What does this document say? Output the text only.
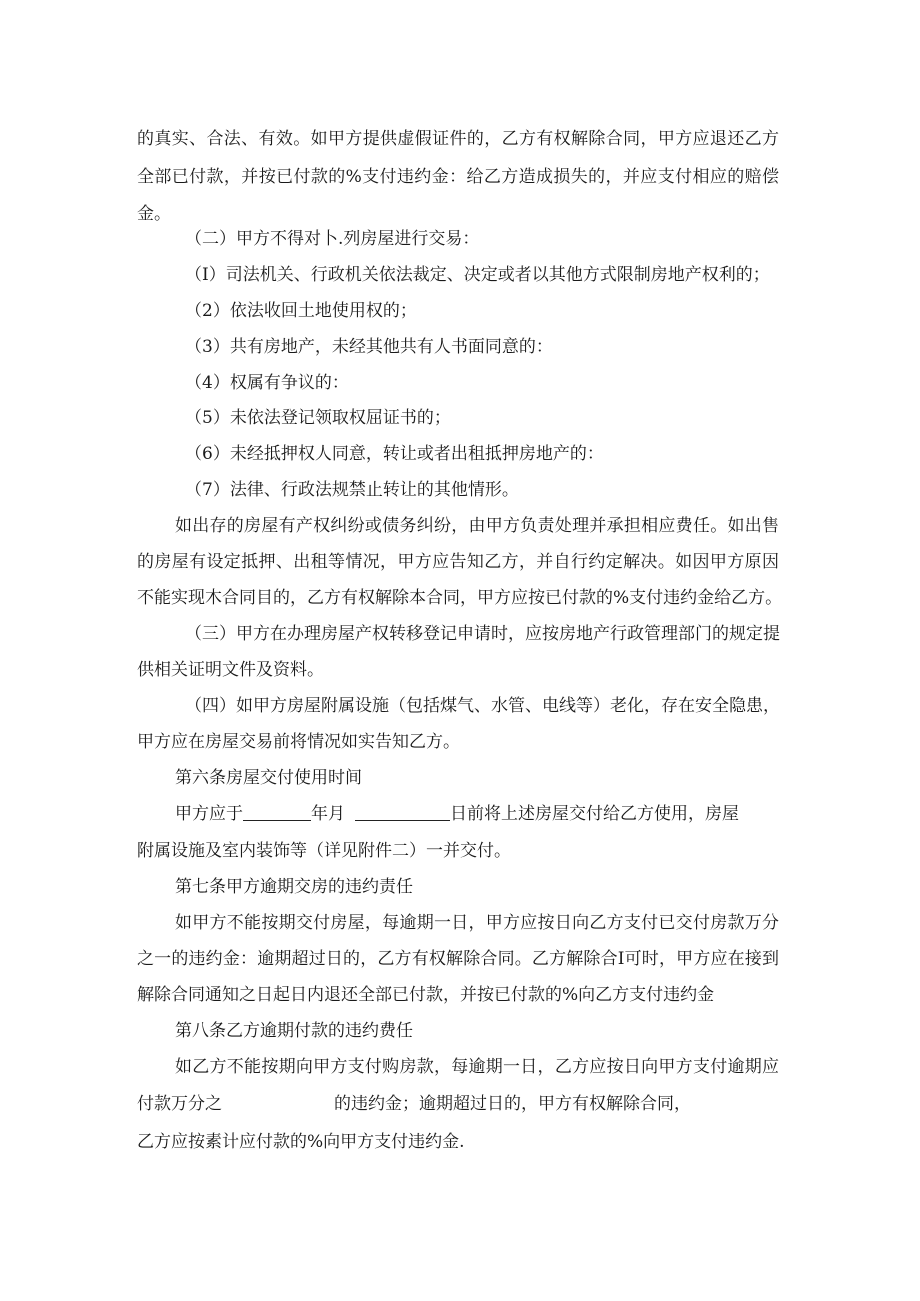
的真实、合法、有效。如甲方提供虚假证件的，乙方有权解除合同，甲方应退还乙方

全部已付款，并按已付款的%支付违约金：给乙方造成损失的，并应支付相应的赔偿

金。

（二）甲方不得对卜.列房屋进行交易：

（I）司法机关、行政机关依法裁定、决定或者以其他方式限制房地产权利的；

（2）依法收回土地使用权的；

（3）共有房地产，未经其他共有人书面同意的：

（4）权属有争议的：

（5）未依法登记领取权屈证书的；

（6）未经抵押权人同意，转让或者出租抵押房地产的：

（7）法律、行政法规禁止转让的其他情形。

如出存的房屋有产权纠纷或债务纠纷，由甲方负责处理并承担相应费任。如出售

的房屋有设定抵押、出租等情况，甲方应告知乙方，并自行约定解决。如因甲方原因

不能实现木合同目的，乙方有权解除本合同，甲方应按已付款的%支付违约金给乙方。

（三）甲方在办理房屋产权转移登记申请时，应按房地产行政管理部门的规定提

供相关证明文件及资料。

（四）如甲方房屋附属设施（包括煤气、水管、电线等）老化，存在安全隐患，

甲方应在房屋交易前将情况如实告知乙方。

第六条房屋交付使用时间

甲方应于	年月	日前将上述房屋交付给乙方使用，房屋

附属设施及室内装饰等（详见附件二）一并交付。

第七条甲方逾期交房的违约责任

如甲方不能按期交付房屋，每逾期一日，甲方应按日向乙方支付已交付房款万分

之一的违约金：逾期超过日的，乙方有权解除合同。乙方解除合I可时，甲方应在接到

解除合同通知之日起日内退还全部已付款，并按已付款的%向乙方支付违约金

第八条乙方逾期付款的违约费任

如乙方不能按期向甲方支付购房款，每逾期一日，乙方应按日向甲方支付逾期应

付款万分之	的违约金；逾期超过日的，甲方有权解除合同，

乙方应按素计应付款的%向甲方支付违约金.
